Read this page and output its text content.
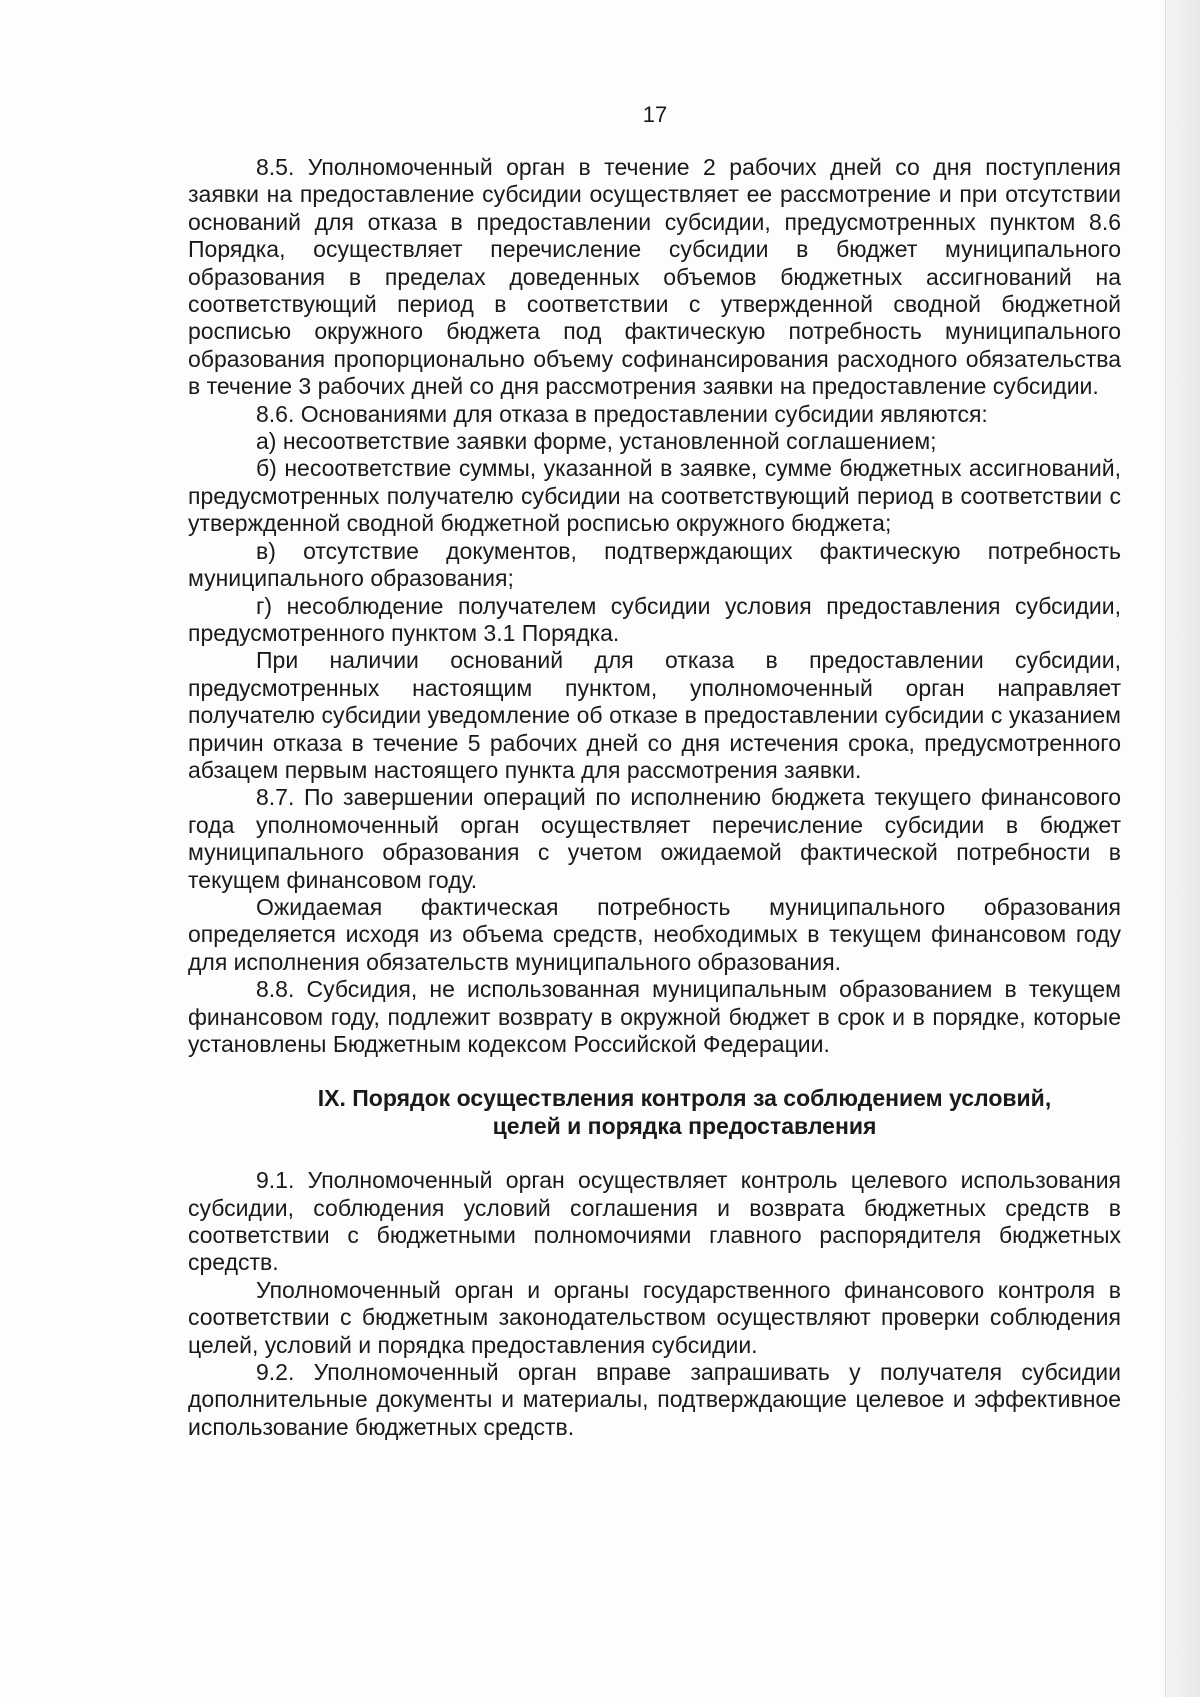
17

8.5. Уполномоченный орган в течение 2 рабочих дней со дня поступления заявки на предоставление субсидии осуществляет ее рассмотрение и при отсутствии оснований для отказа в предоставлении субсидии, предусмотренных пунктом 8.6 Порядка, осуществляет перечисление субсидии в бюджет муниципального образования в пределах доведенных объемов бюджетных ассигнований на соответствующий период в соответствии с утвержденной сводной бюджетной росписью окружного бюджета под фактическую потребность муниципального образования пропорционально объему софинансирования расходного обязательства в течение 3 рабочих дней со дня рассмотрения заявки на предоставление субсидии.

8.6. Основаниями для отказа в предоставлении субсидии являются:

а) несоответствие заявки форме, установленной соглашением;

б) несоответствие суммы, указанной в заявке, сумме бюджетных ассигнований, предусмотренных получателю субсидии на соответствующий период в соответствии с утвержденной сводной бюджетной росписью окружного бюджета;

в) отсутствие документов, подтверждающих фактическую потребность муниципального образования;

г) несоблюдение получателем субсидии условия предоставления субсидии, предусмотренного пунктом 3.1 Порядка.

При наличии оснований для отказа в предоставлении субсидии, предусмотренных настоящим пунктом, уполномоченный орган направляет получателю субсидии уведомление об отказе в предоставлении субсидии с указанием причин отказа в течение 5 рабочих дней со дня истечения срока, предусмотренного абзацем первым настоящего пункта для рассмотрения заявки.

8.7. По завершении операций по исполнению бюджета текущего финансового года уполномоченный орган осуществляет перечисление субсидии в бюджет муниципального образования с учетом ожидаемой фактической потребности в текущем финансовом году.

Ожидаемая фактическая потребность муниципального образования определяется исходя из объема средств, необходимых в текущем финансовом году для исполнения обязательств муниципального образования.

8.8. Субсидия, не использованная муниципальным образованием в текущем финансовом году, подлежит возврату в окружной бюджет в срок и в порядке, которые установлены Бюджетным кодексом Российской Федерации.

IX. Порядок осуществления контроля за соблюдением условий,
целей и порядка предоставления

9.1. Уполномоченный орган осуществляет контроль целевого использования субсидии, соблюдения условий соглашения и возврата бюджетных средств в соответствии с бюджетными полномочиями главного распорядителя бюджетных средств.

Уполномоченный орган и органы государственного финансового контроля в соответствии с бюджетным законодательством осуществляют проверки соблюдения целей, условий и порядка предоставления субсидии.

9.2. Уполномоченный орган вправе запрашивать у получателя субсидии дополнительные документы и материалы, подтверждающие целевое и эффективное использование бюджетных средств.
